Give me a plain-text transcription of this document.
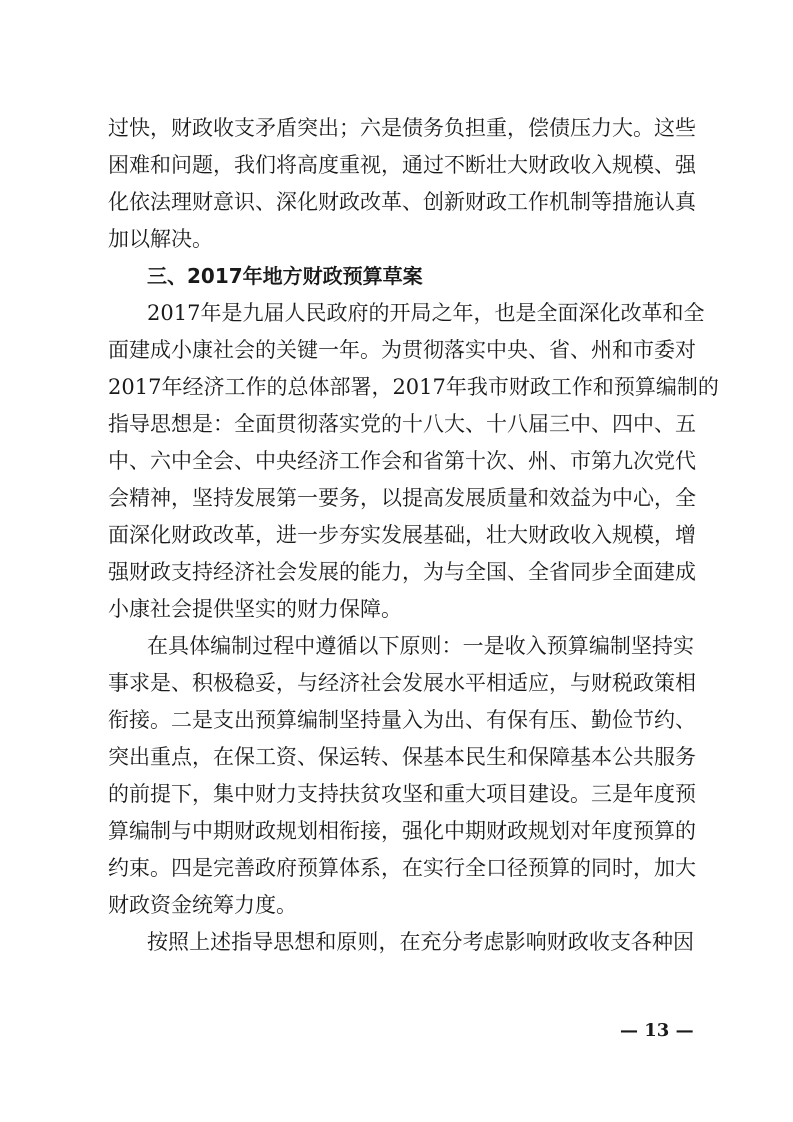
过快，财政收支矛盾突出；六是债务负担重，偿债压力大。这些
困难和问题，我们将高度重视，通过不断壮大财政收入规模、强
化依法理财意识、深化财政改革、创新财政工作机制等措施认真
加以解决。
三、2017年地方财政预算草案
2017年是九届人民政府的开局之年，也是全面深化改革和全
面建成小康社会的关键一年。为贯彻落实中央、省、州和市委对
2017年经济工作的总体部署，2017年我市财政工作和预算编制的
指导思想是：全面贯彻落实党的十八大、十八届三中、四中、五
中、六中全会、中央经济工作会和省第十次、州、市第九次党代
会精神，坚持发展第一要务，以提高发展质量和效益为中心，全
面深化财政改革，进一步夯实发展基础，壮大财政收入规模，增
强财政支持经济社会发展的能力，为与全国、全省同步全面建成
小康社会提供坚实的财力保障。
在具体编制过程中遵循以下原则：一是收入预算编制坚持实
事求是、积极稳妥，与经济社会发展水平相适应，与财税政策相
衔接。二是支出预算编制坚持量入为出、有保有压、勤俭节约、
突出重点，在保工资、保运转、保基本民生和保障基本公共服务
的前提下，集中财力支持扶贫攻坚和重大项目建设。三是年度预
算编制与中期财政规划相衔接，强化中期财政规划对年度预算的
约束。四是完善政府预算体系，在实行全口径预算的同时，加大
财政资金统筹力度。
按照上述指导思想和原则，在充分考虑影响财政收支各种因
— 13 —
